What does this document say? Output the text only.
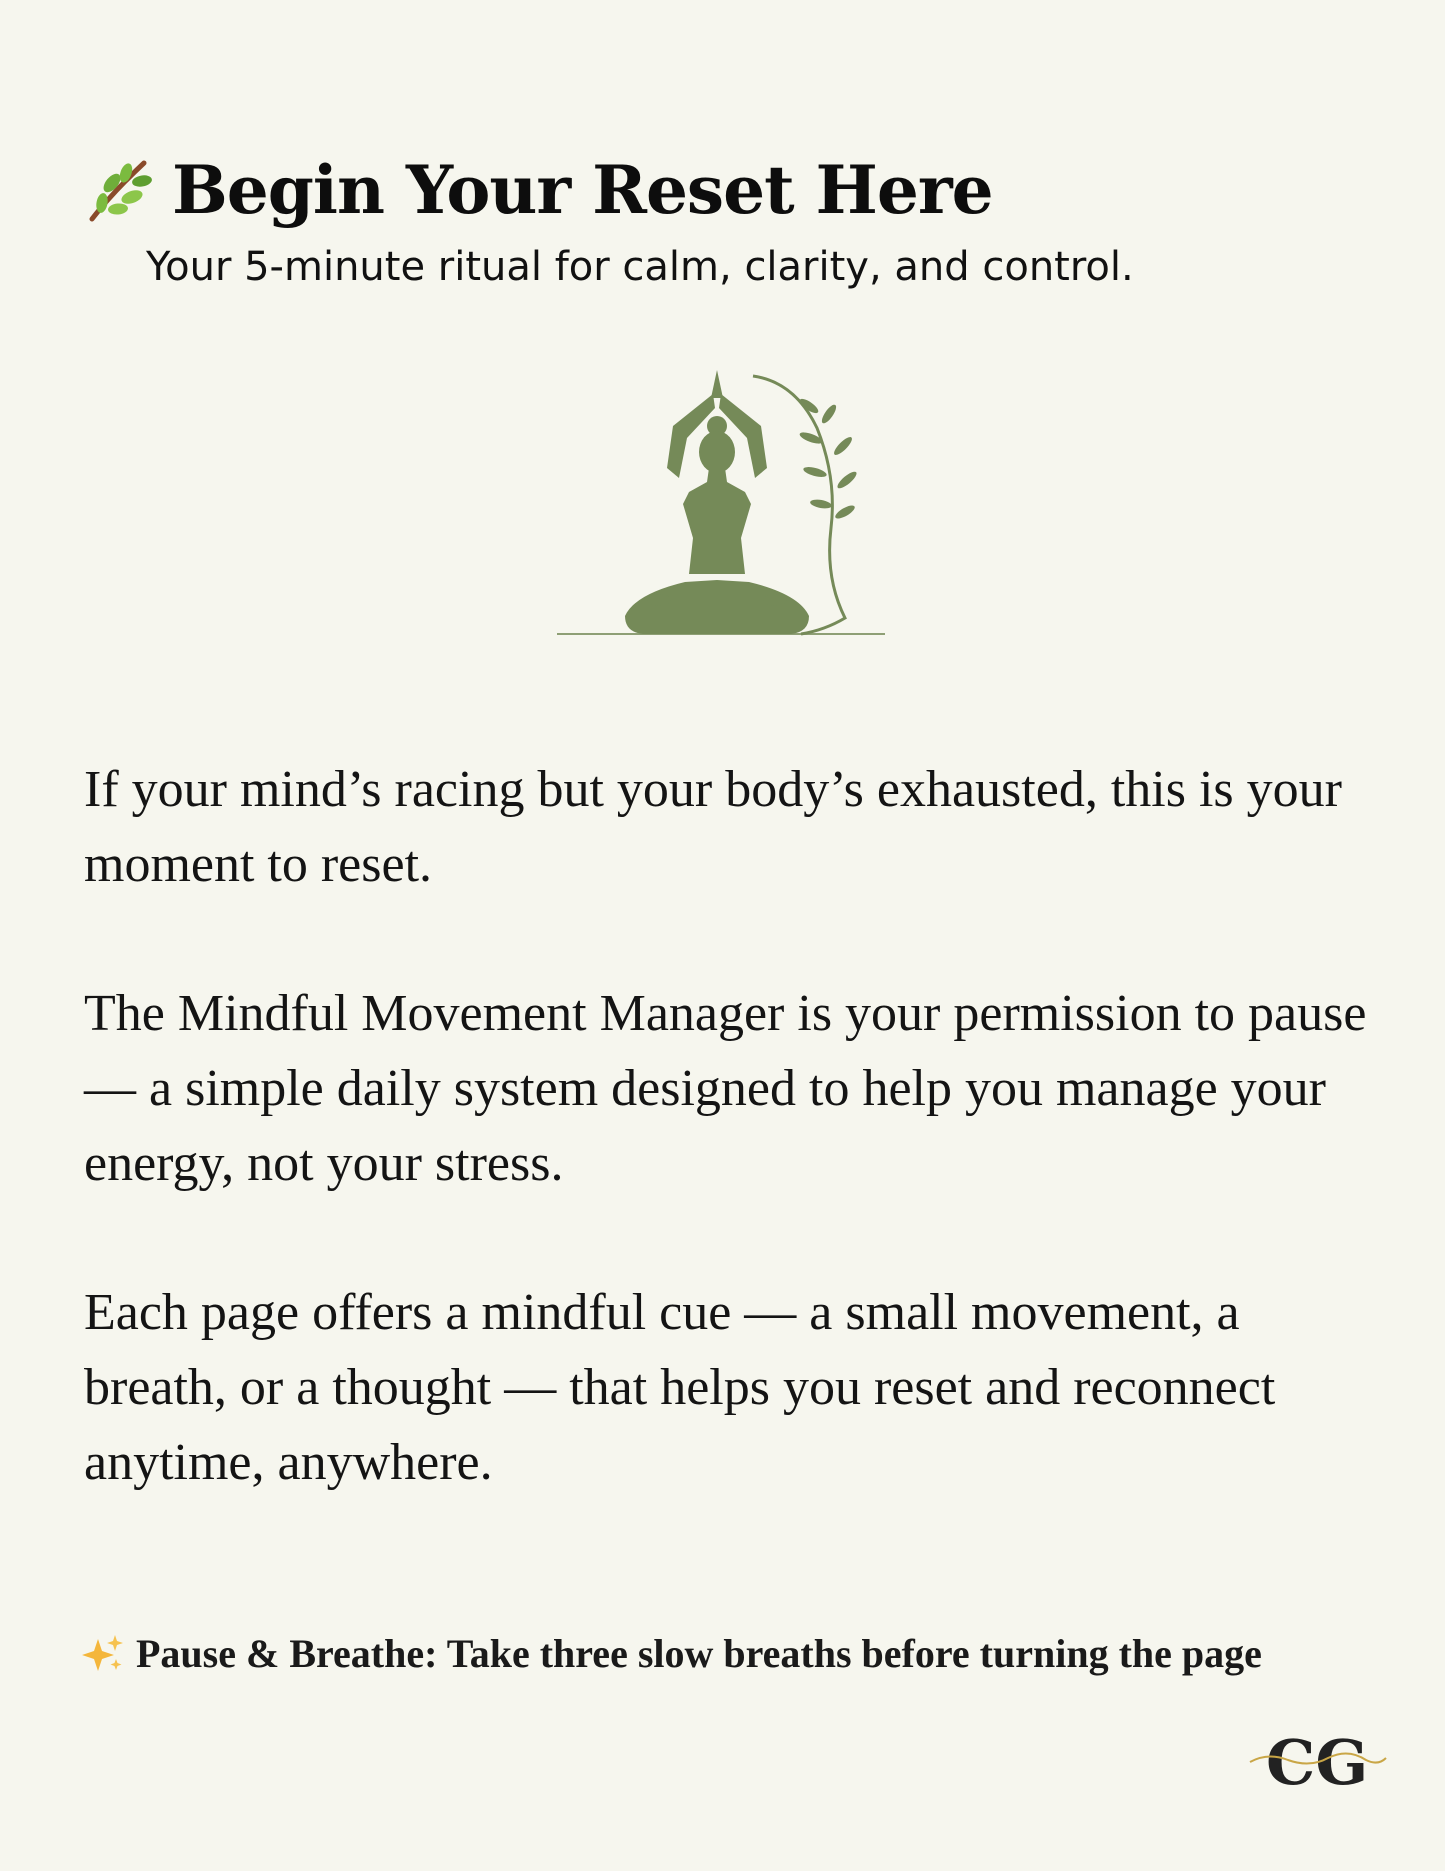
Begin Your Reset Here
Your 5-minute ritual for calm, clarity, and control.

If your mind’s racing but your body’s exhausted, this is your moment to reset.

The Mindful Movement Manager is your permission to pause — a simple daily system designed to help you manage your energy, not your stress.

Each page offers a mindful cue — a small movement, a breath, or a thought — that helps you reset and reconnect anytime, anywhere.

Pause & Breathe: Take three slow breaths before turning the page
CG
